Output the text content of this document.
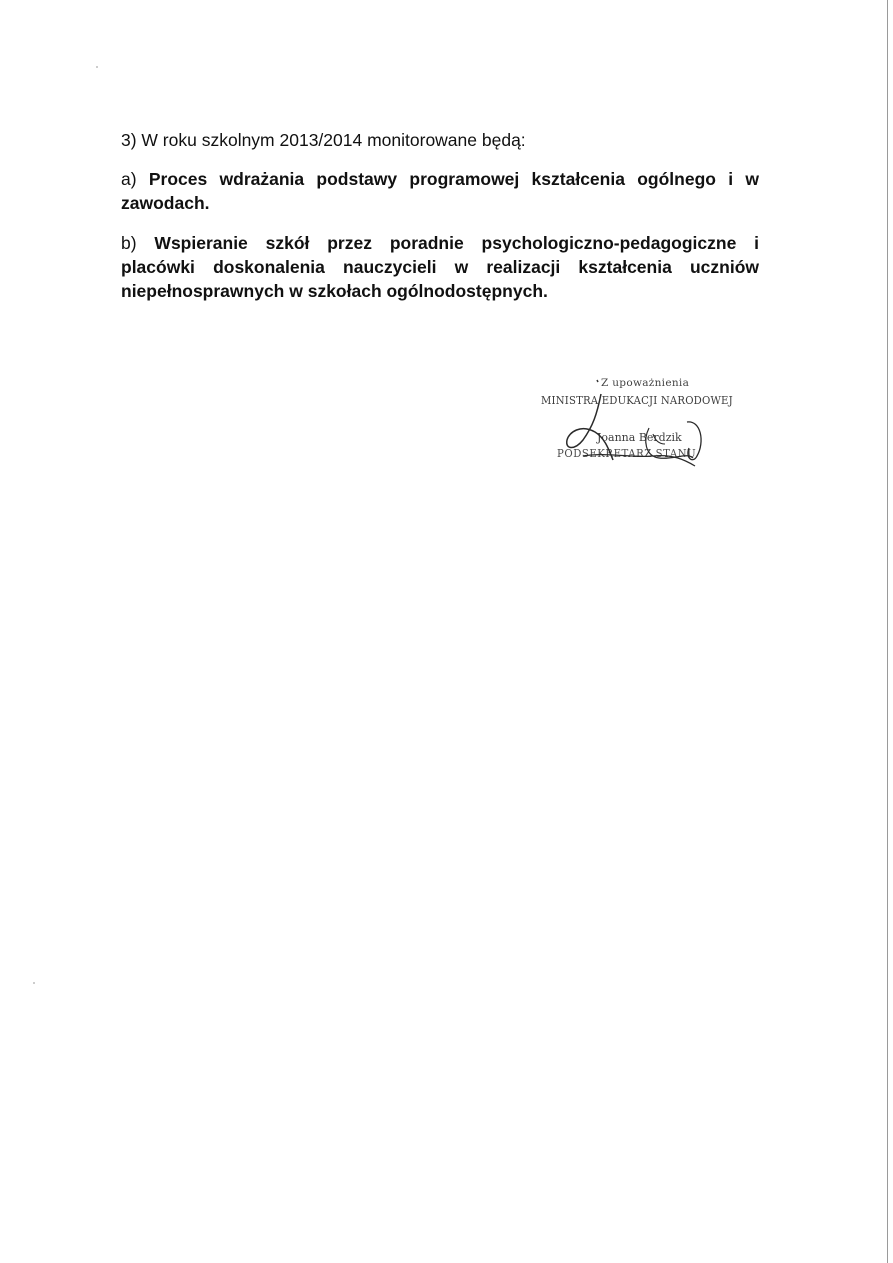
3) W roku szkolnym 2013/2014 monitorowane będą:

a) Proces wdrażania podstawy programowej kształcenia ogólnego i w zawodach.

b) Wspieranie szkół przez poradnie psychologiczno-pedagogiczne i placówki doskonalenia nauczycieli w realizacji kształcenia uczniów niepełnosprawnych w szkołach ogólnodostępnych.

Z upoważnienia
MINISTRA EDUKACJI NARODOWEJ
Joanna Berdzik
PODSEKRETARZ STANU
